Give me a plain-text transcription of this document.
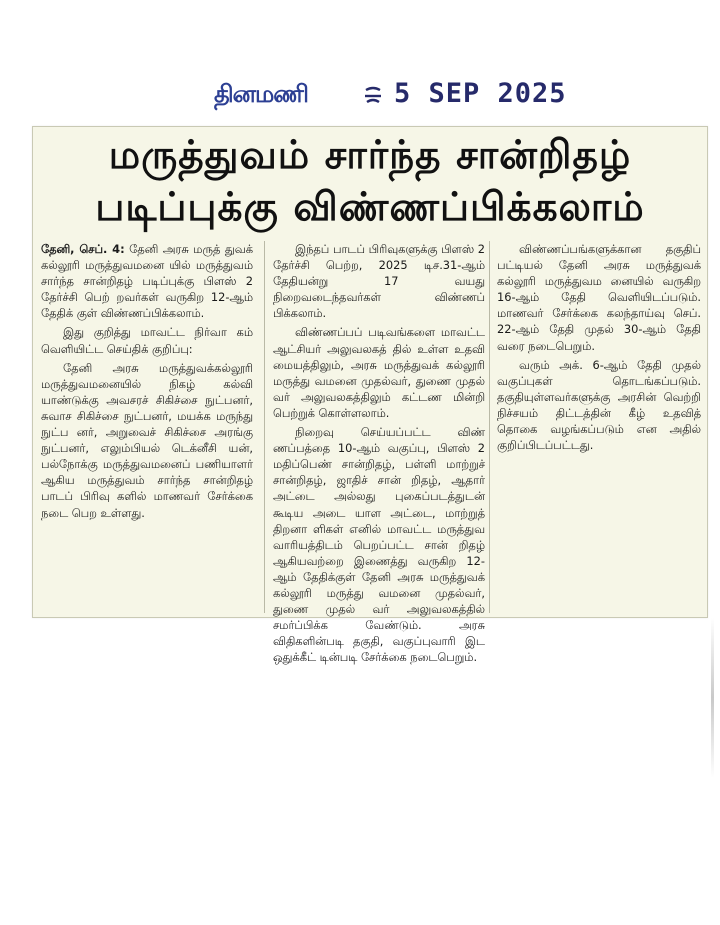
தினமணி	5 SEP 2025
மருத்துவம் சார்ந்த சான்றிதழ்
படிப்புக்கு விண்ணப்பிக்கலாம்

தேனி, செப். 4: தேனி அரசு மருத் துவக் கல்லூரி மருத்துவமனை யில் மருத்துவம் சார்ந்த சான்றிதழ் படிப்புக்கு பிளஸ் 2 தேர்ச்சி பெற் றவர்கள் வருகிற 12-ஆம் தேதிக் குள் விண்ணப்பிக்கலாம்.

இது குறித்து மாவட்ட நிர்வா கம் வெளியிட்ட செய்திக் குறிப்பு:

தேனி அரசு மருத்துவக்கல்லூரி மருத்துவமனையில் நிகழ் கல்வி யாண்டுக்கு அவசரச் சிகிச்சை நுட்பனர், சுவாச சிகிச்சை நுட்பனர், மயக்க மருந்து நுட்ப னர், அறுவைச் சிகிச்சை அரங்கு நுட்பனர், எலும்பியல் டெக்னீசி யன், பல்நோக்கு மருத்துவமனைப் பணியாளர் ஆகிய மருத்துவம் சார்ந்த சான்றிதழ் பாடப் பிரிவு களில் மாணவர் சேர்க்கை நடை பெற உள்ளது.

இந்தப் பாடப் பிரிவுகளுக்கு பிளஸ் 2 தேர்ச்சி பெற்ற, 2025 டிச.31-ஆம் தேதியன்று 17 வயது நிறைவடைந்தவர்கள் விண்ணப் பிக்கலாம்.

விண்ணப்பப் படிவங்களை மாவட்ட ஆட்சியர் அலுவலகத் தில் உள்ள உதவி மையத்திலும், அரசு மருத்துவக் கல்லூரி மருத்து வமனை முதல்வர், துணை முதல் வர் அலுவலகத்திலும் கட்டண மின்றி பெற்றுக் கொள்ளலாம்.

நிறைவு செய்யப்பட்ட விண் ணப்பத்தை 10-ஆம் வகுப்பு, பிளஸ் 2 மதிப்பெண் சான்றிதழ், பள்ளி மாற்றுச் சான்றிதழ், ஜாதிச் சான் றிதழ், ஆதார் அட்டை அல்லது புகைப்படத்துடன் கூடிய அடை யாள அட்டை, மாற்றுத் திறனா ளிகள் எனில் மாவட்ட மருத்துவ வாரியத்திடம் பெறப்பட்ட சான் றிதழ் ஆகியவற்றை இணைத்து வருகிற 12-ஆம் தேதிக்குள் தேனி அரசு மருத்துவக் கல்லூரி மருத்து வமனை முதல்வர், துணை முதல் வர் அலுவலகத்தில் சமர்ப்பிக்க வேண்டும். அரசு விதிகளின்படி தகுதி, வகுப்புவாரி இட ஒதுக்கீட் டின்படி சேர்க்கை நடைபெறும்.

விண்ணப்பங்களுக்கான தகுதிப் பட்டியல் தேனி அரசு மருத்துவக் கல்லூரி மருத்துவம னையில் வருகிற 16-ஆம் தேதி வெளியிடப்படும். மாணவர் சேர்க்கை கலந்தாய்வு செப். 22-ஆம் தேதி முதல் 30-ஆம் தேதி வரை நடைபெறும்.

வரும் அக். 6-ஆம் தேதி முதல் வகுப்புகள் தொடங்கப்படும். தகுதியுள்ளவர்களுக்கு அரசின் வெற்றி நிச்சயம் திட்டத்தின் கீழ் உதவித் தொகை வழங்கப்படும் என அதில் குறிப்பிடப்பட்டது.
